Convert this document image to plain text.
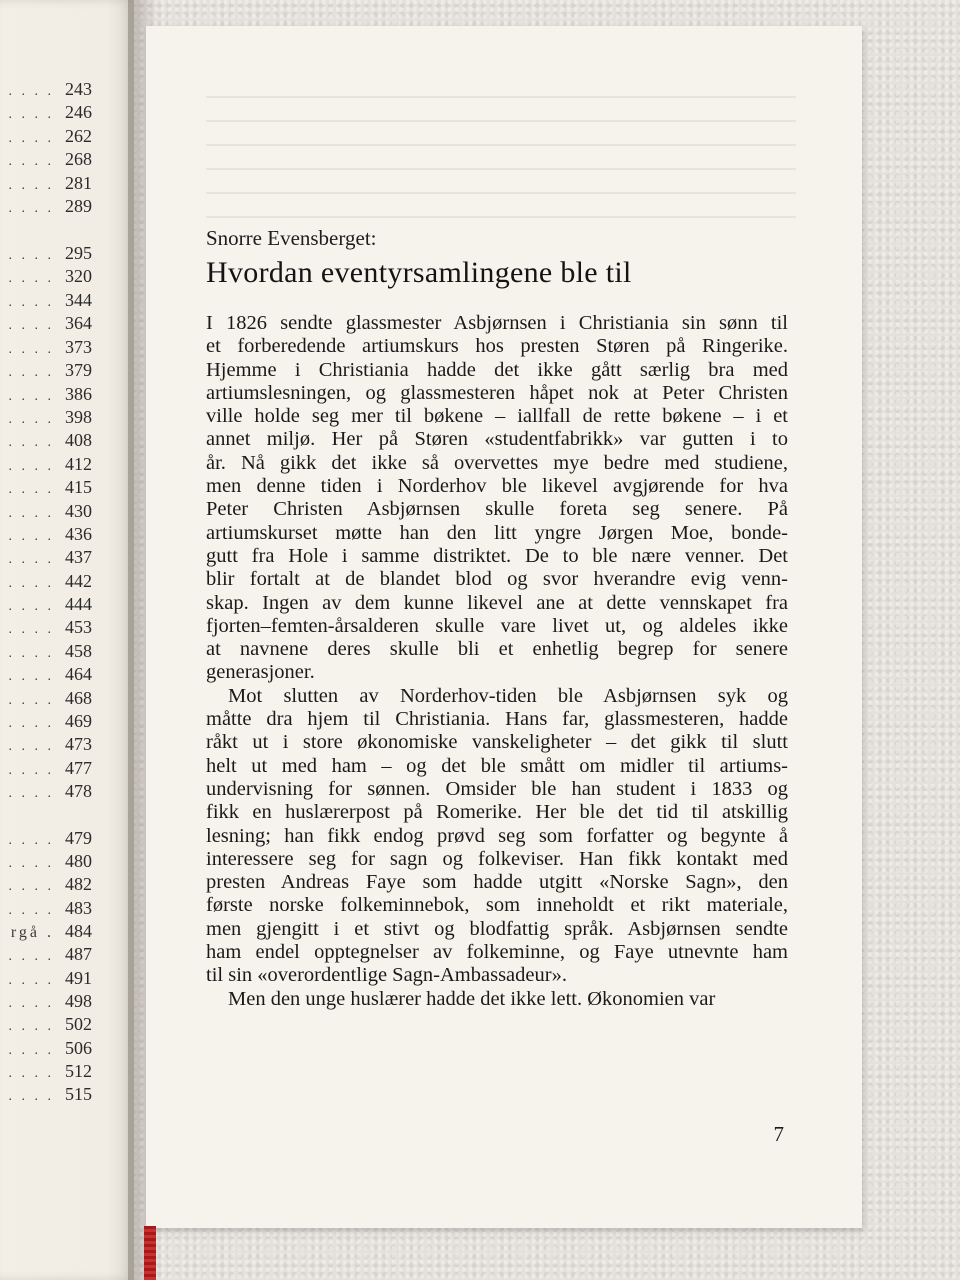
. . . . 243
. . . . 246
. . . . 262
. . . . 268
. . . . 281
. . . . 289
. . . . 295
. . . . 320
. . . . 344
. . . . 364
. . . . 373
. . . . 379
. . . . 386
. . . . 398
. . . . 408
. . . . 412
. . . . 415
. . . . 430
. . . . 436
. . . . 437
. . . . 442
. . . . 444
. . . . 453
. . . . 458
. . . . 464
. . . . 468
. . . . 469
. . . . 473
. . . . 477
. . . . 478
. . . . 479
. . . . 480
. . . . 482
. . . . 483
rgå . 484
. . . . 487
. . . . 491
. . . . 498
. . . . 502
. . . . 506
. . . . 512
. . . . 515

Snorre Evensberget:

Hvordan eventyrsamlingene ble til
I 1826 sendte glassmester Asbjørnsen i Christiania sin sønn til
et forberedende artiumskurs hos presten Støren på Ringerike.
Hjemme i Christiania hadde det ikke gått særlig bra med
artiumslesningen, og glassmesteren håpet nok at Peter Christen
ville holde seg mer til bøkene – iallfall de rette bøkene – i et
annet miljø. Her på Støren «studentfabrikk» var gutten i to
år. Nå gikk det ikke så overvettes mye bedre med studiene,
men denne tiden i Norderhov ble likevel avgjørende for hva
Peter Christen Asbjørnsen skulle foreta seg senere. På
artiumskurset møtte han den litt yngre Jørgen Moe, bonde-
gutt fra Hole i samme distriktet. De to ble nære venner. Det
blir fortalt at de blandet blod og svor hverandre evig venn-
skap. Ingen av dem kunne likevel ane at dette vennskapet fra
fjorten–femten-årsalderen skulle vare livet ut, og aldeles ikke
at navnene deres skulle bli et enhetlig begrep for senere
generasjoner.
Mot slutten av Norderhov-tiden ble Asbjørnsen syk og
måtte dra hjem til Christiania. Hans far, glassmesteren, hadde
råkt ut i store økonomiske vanskeligheter – det gikk til slutt
helt ut med ham – og det ble smått om midler til artiums-
undervisning for sønnen. Omsider ble han student i 1833 og
fikk en huslærerpost på Romerike. Her ble det tid til atskillig
lesning; han fikk endog prøvd seg som forfatter og begynte å
interessere seg for sagn og folkeviser. Han fikk kontakt med
presten Andreas Faye som hadde utgitt «Norske Sagn», den
første norske folkeminnebok, som inneholdt et rikt materiale,
men gjengitt i et stivt og blodfattig språk. Asbjørnsen sendte
ham endel opptegnelser av folkeminne, og Faye utnevnte ham
til sin «overordentlige Sagn-Ambassadeur».
Men den unge huslærer hadde det ikke lett. Økonomien var
7
